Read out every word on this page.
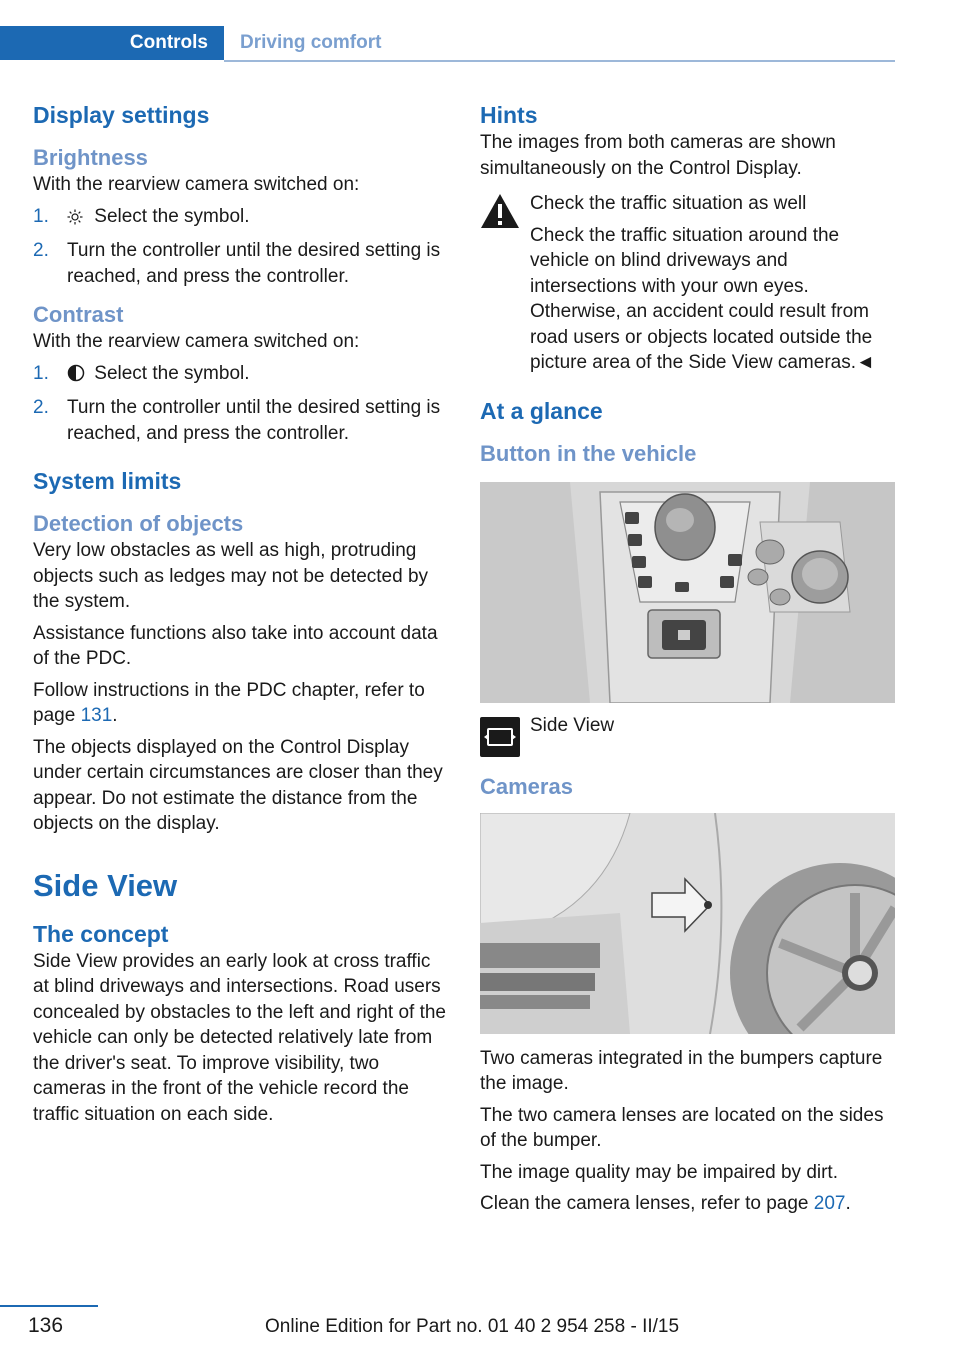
Controls	Driving comfort
Display settings
Brightness

With the rearview camera switched on:

1. Select the symbol.
2. Turn the controller until the desired setting is reached, and press the controller.
Contrast

With the rearview camera switched on:

1. Select the symbol.
2. Turn the controller until the desired setting is reached, and press the controller.
System limits
Detection of objects

Very low obstacles as well as high, protruding objects such as ledges may not be detected by the system.

Assistance functions also take into account data of the PDC.

Follow instructions in the PDC chapter, refer to page 131.

The objects displayed on the Control Display under certain circumstances are closer than they appear. Do not estimate the distance from the objects on the display.

Side View
The concept

Side View provides an early look at cross traffic at blind driveways and intersections. Road users concealed by obstacles to the left and right of the vehicle can only be detected relatively late from the driver's seat. To improve visibility, two cameras in the front of the vehicle record the traffic situation on each side.

Hints

The images from both cameras are shown simultaneously on the Control Display.

Check the traffic situation as well

Check the traffic situation around the vehicle on blind driveways and intersections with your own eyes. Otherwise, an accident could result from road users or objects located outside the picture area of the Side View cameras.◄

At a glance
Button in the vehicle
Side View
Cameras

Two cameras integrated in the bumpers capture the image.

The two camera lenses are located on the sides of the bumper.

The image quality may be impaired by dirt.

Clean the camera lenses, refer to page 207.

136	Online Edition for Part no. 01 40 2 954 258 - II/15
